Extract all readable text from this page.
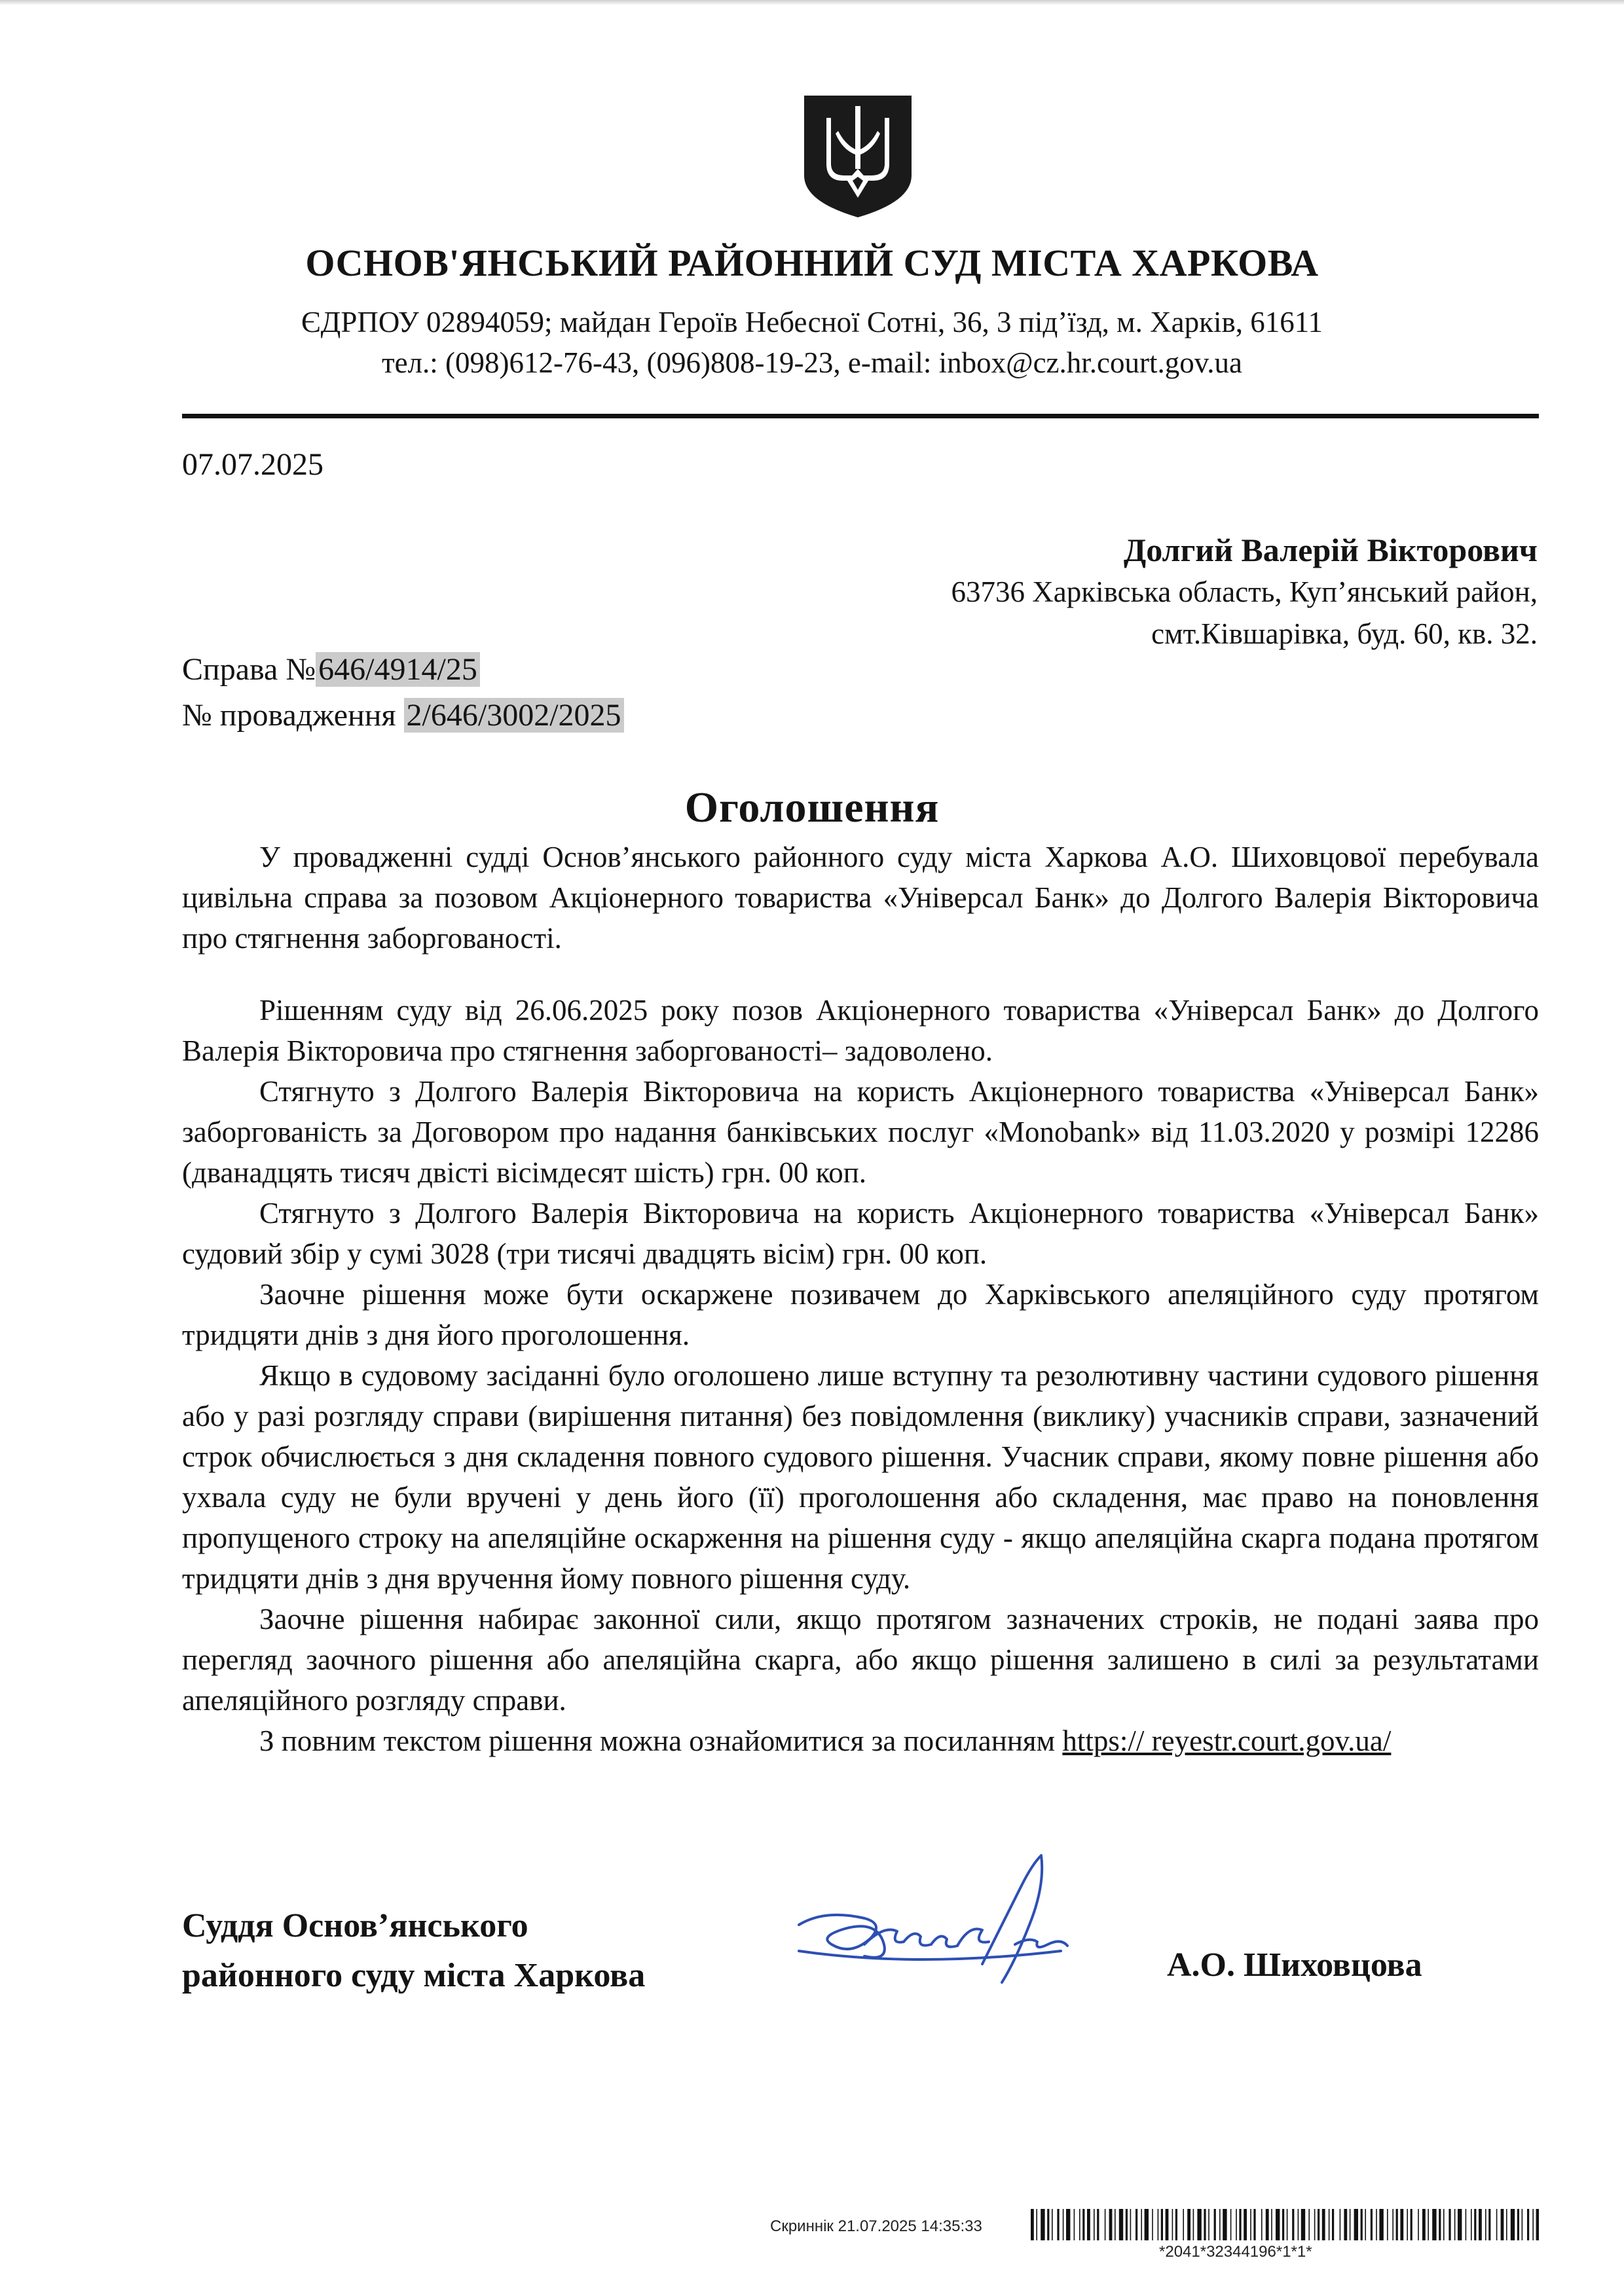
ОСНОВ'ЯНСЬКИЙ РАЙОННИЙ СУД МІСТА ХАРКОВА
ЄДРПОУ 02894059; майдан Героїв Небесної Сотні, 36, 3 під’їзд, м. Харків, 61611
тел.: (098)612-76-43, (096)808-19-23, e-mail: inbox@cz.hr.court.gov.ua
07.07.2025
Долгий Валерій Вікторович
63736 Харківська область, Куп’янський район,
смт.Ківшарівка, буд. 60, кв. 32.
Справа №646/4914/25
№ провадження 2/646/3002/2025
Оголошення

У провадженні судді Основ’янського районного суду міста Харкова А.О. Шиховцової перебувала цивільна справа за позовом Акціонерного товариства «Універсал Банк» до Долгого Валерія Вікторовича про стягнення заборгованості.

Рішенням суду від 26.06.2025 року позов Акціонерного товариства «Універсал Банк» до Долгого Валерія Вікторовича про стягнення заборгованості– задоволено.

Стягнуто з Долгого Валерія Вікторовича на користь Акціонерного товариства «Універсал Банк» заборгованість за Договором про надання банківських послуг «Monobank» від 11.03.2020 у розмірі 12286 (дванадцять тисяч двісті вісімдесят шість) грн. 00 коп.

Стягнуто з Долгого Валерія Вікторовича на користь Акціонерного товариства «Універсал Банк» судовий збір у сумі 3028 (три тисячі двадцять вісім) грн. 00 коп.

Заочне рішення може бути оскаржене позивачем до Харківського апеляційного суду протягом тридцяти днів з дня його проголошення.

Якщо в судовому засіданні було оголошено лише вступну та резолютивну частини судового рішення або у разі розгляду справи (вирішення питання) без повідомлення (виклику) учасників справи, зазначений строк обчислюється з дня складення повного судового рішення. Учасник справи, якому повне рішення або ухвала суду не були вручені у день його (її) проголошення або складення, має право на поновлення пропущеного строку на апеляційне оскарження на рішення суду - якщо апеляційна скарга подана протягом тридцяти днів з дня вручення йому повного рішення суду.

Заочне рішення набирає законної сили, якщо протягом зазначених строків, не подані заява про перегляд заочного рішення або апеляційна скарга, або якщо рішення залишено в силі за результатами апеляційного розгляду справи.

З повним текстом рішення можна ознайомитися за посиланням https:// reyestr.court.gov.ua/

Суддя Основ’янського
районного суду міста Харкова	А.О. Шиховцова
Скриннік 21.07.2025 14:35:33
*2041*32344196*1*1*
